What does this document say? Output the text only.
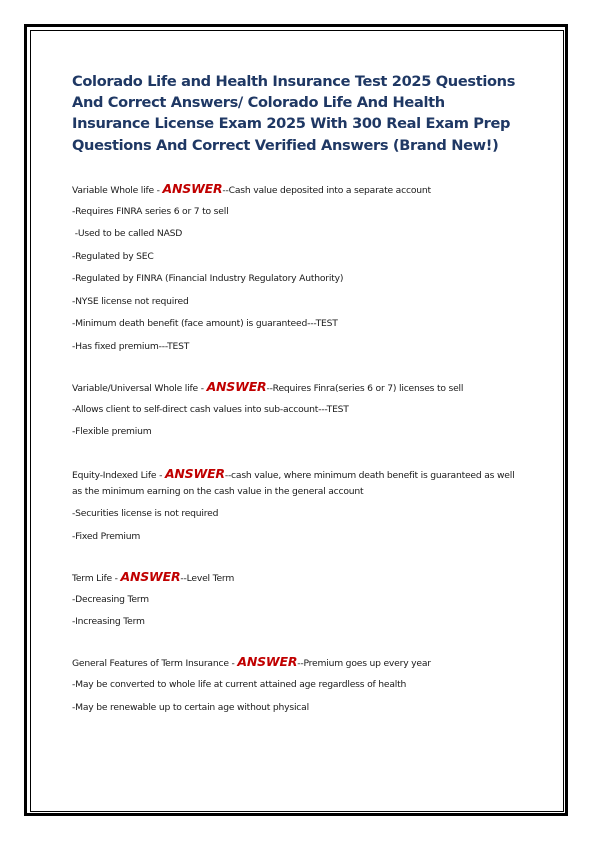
Colorado Life and Health Insurance Test 2025 Questions And Correct Answers/ Colorado Life And Health Insurance License Exam 2025 With 300 Real Exam Prep Questions And Correct Verified Answers (Brand New!)

Variable Whole life - ANSWER--Cash value deposited into a separate account

-Requires FINRA series 6 or 7 to sell

-Used to be called NASD

-Regulated by SEC

-Regulated by FINRA (Financial Industry Regulatory Authority)

-NYSE license not required

-Minimum death benefit (face amount) is guaranteed---TEST

-Has fixed premium---TEST

Variable/Universal Whole life - ANSWER--Requires Finra(series 6 or 7) licenses to sell

-Allows client to self-direct cash values into sub-account---TEST

-Flexible premium

Equity-Indexed Life - ANSWER--cash value, where minimum death benefit is guaranteed as well as the minimum earning on the cash value in the general account

-Securities license is not required

-Fixed Premium

Term Life - ANSWER--Level Term

-Decreasing Term

-Increasing Term

General Features of Term Insurance - ANSWER--Premium goes up every year

-May be converted to whole life at current attained age regardless of health

-May be renewable up to certain age without physical
